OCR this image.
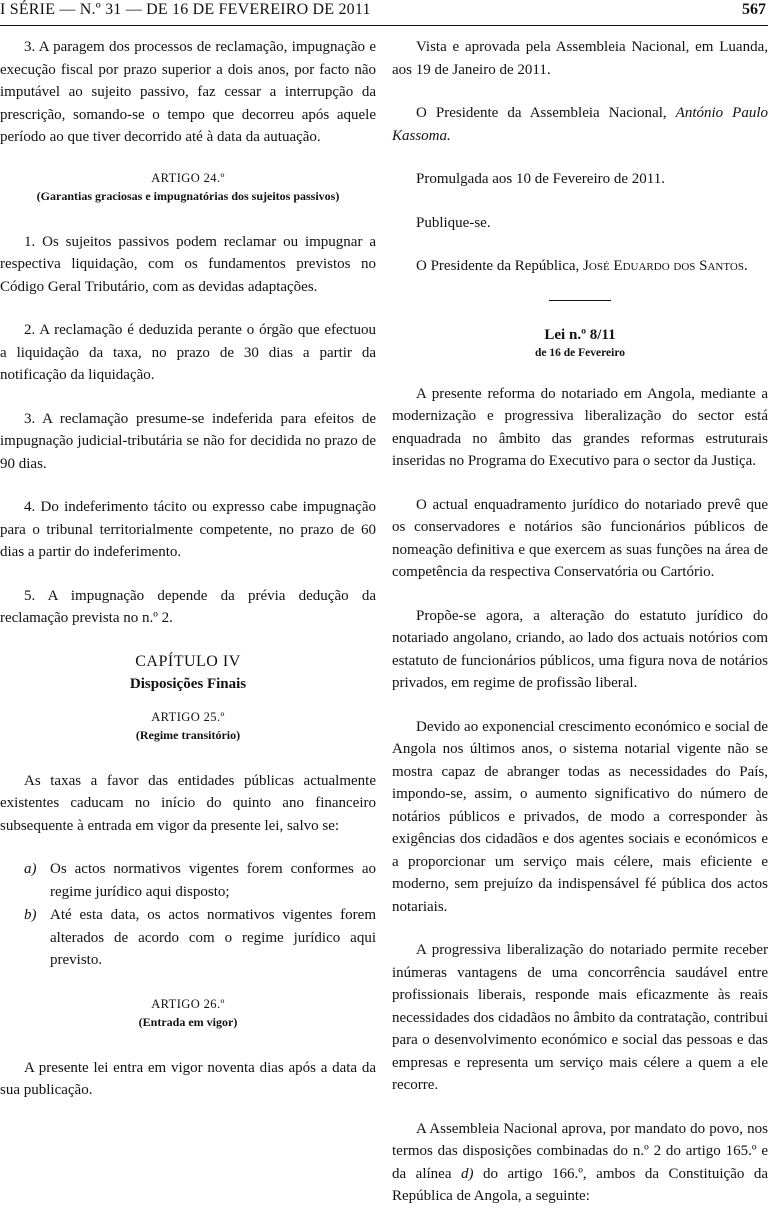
I SÉRIE — N.º 31 — DE 16 DE FEVEREIRO DE 2011	567

3. A paragem dos processos de reclamação, impugnação e execução fiscal por prazo superior a dois anos, por facto não imputável ao sujeito passivo, faz cessar a interrupção da prescrição, somando-se o tempo que decorreu após aquele período ao que tiver decorrido até à data da autuação.

ARTIGO 24.º

(Garantias graciosas e impugnatórias dos sujeitos passivos)

1. Os sujeitos passivos podem reclamar ou impugnar a respectiva liquidação, com os fundamentos previstos no Código Geral Tributário, com as devidas adaptações.

2. A reclamação é deduzida perante o órgão que efectuou a liquidação da taxa, no prazo de 30 dias a partir da notificação da liquidação.

3. A reclamação presume-se indeferida para efeitos de impugnação judicial-tributária se não for decidida no prazo de 90 dias.

4. Do indeferimento tácito ou expresso cabe impugnação para o tribunal territorialmente competente, no prazo de 60 dias a partir do indeferimento.

5. A impugnação depende da prévia dedução da reclamação prevista no n.º 2.

CAPÍTULO IV

Disposições Finais

ARTIGO 25.º

(Regime transitório)

As taxas a favor das entidades públicas actualmente existentes caducam no início do quinto ano financeiro subsequente à entrada em vigor da presente lei, salvo se:

a) Os actos normativos vigentes forem conformes ao regime jurídico aqui disposto;
b) Até esta data, os actos normativos vigentes forem alterados de acordo com o regime jurídico aqui previsto.

ARTIGO 26.º

(Entrada em vigor)

A presente lei entra em vigor noventa dias após a data da sua publicação.

Vista e aprovada pela Assembleia Nacional, em Luanda, aos 19 de Janeiro de 2011.

O Presidente da Assembleia Nacional, António Paulo Kassoma.

Promulgada aos 10 de Fevereiro de 2011.

Publique-se.

O Presidente da República, José Eduardo dos Santos.

Lei n.º 8/11

de 16 de Fevereiro

A presente reforma do notariado em Angola, mediante a modernização e progressiva liberalização do sector está enquadrada no âmbito das grandes reformas estruturais inseridas no Programa do Executivo para o sector da Justiça.

O actual enquadramento jurídico do notariado prevê que os conservadores e notários são funcionários públicos de nomeação definitiva e que exercem as suas funções na área de competência da respectiva Conservatória ou Cartório.

Propõe-se agora, a alteração do estatuto jurídico do notariado angolano, criando, ao lado dos actuais notórios com estatuto de funcionários públicos, uma figura nova de notários privados, em regime de profissão liberal.

Devido ao exponencial crescimento económico e social de Angola nos últimos anos, o sistema notarial vigente não se mostra capaz de abranger todas as necessidades do País, impondo-se, assim, o aumento significativo do número de notários públicos e privados, de modo a corresponder às exigências dos cidadãos e dos agentes sociais e económicos e a proporcionar um serviço mais célere, mais eficiente e moderno, sem prejuízo da indispensável fé pública dos actos notariais.

A progressiva liberalização do notariado permite receber inúmeras vantagens de uma concorrência saudável entre profissionais liberais, responde mais eficazmente às reais necessidades dos cidadãos no âmbito da contratação, contribui para o desenvolvimento económico e social das pessoas e das empresas e representa um serviço mais célere a quem a ele recorre.

A Assembleia Nacional aprova, por mandato do povo, nos termos das disposições combinadas do n.º 2 do artigo 165.º e da alínea d) do artigo 166.º, ambos da Constituição da República de Angola, a seguinte:
